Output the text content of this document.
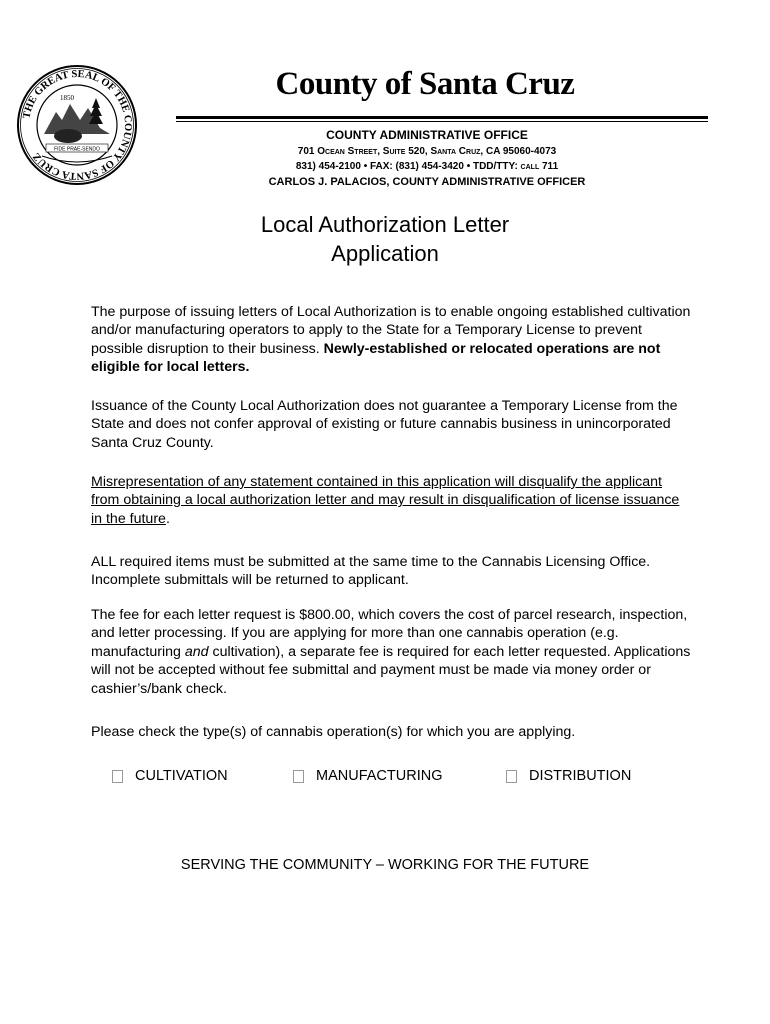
THE GREAT SEAL OF THE COUNTY OF SANTA CRUZ
1850
FIDE PRAE-SENDO
County of Santa Cruz
COUNTY ADMINISTRATIVE OFFICE
701 Ocean Street, Suite 520, Santa Cruz, CA 95060-4073
831) 454-2100 • FAX: (831) 454-3420 • TDD/TTY: call 711
CARLOS J. PALACIOS, COUNTY ADMINISTRATIVE OFFICER
Local Authorization Letter
Application

The purpose of issuing letters of Local Authorization is to enable ongoing established cultivation and/or manufacturing operators to apply to the State for a Temporary License to prevent possible disruption to their business. Newly-established or relocated operations are not eligible for local letters.

Issuance of the County Local Authorization does not guarantee a Temporary License from the State and does not confer approval of existing or future cannabis business in unincorporated Santa Cruz County.

Misrepresentation of any statement contained in this application will disqualify the applicant from obtaining a local authorization letter and may result in disqualification of license issuance in the future.

ALL required items must be submitted at the same time to the Cannabis Licensing Office. Incomplete submittals will be returned to applicant.

The fee for each letter request is $800.00, which covers the cost of parcel research, inspection, and letter processing. If you are applying for more than one cannabis operation (e.g. manufacturing and cultivation), a separate fee is required for each letter requested. Applications will not be accepted without fee submittal and payment must be made via money order or cashier’s/bank check.

Please check the type(s) of cannabis operation(s) for which you are applying.

CULTIVATION	MANUFACTURING	DISTRIBUTION
SERVING THE COMMUNITY – WORKING FOR THE FUTURE
